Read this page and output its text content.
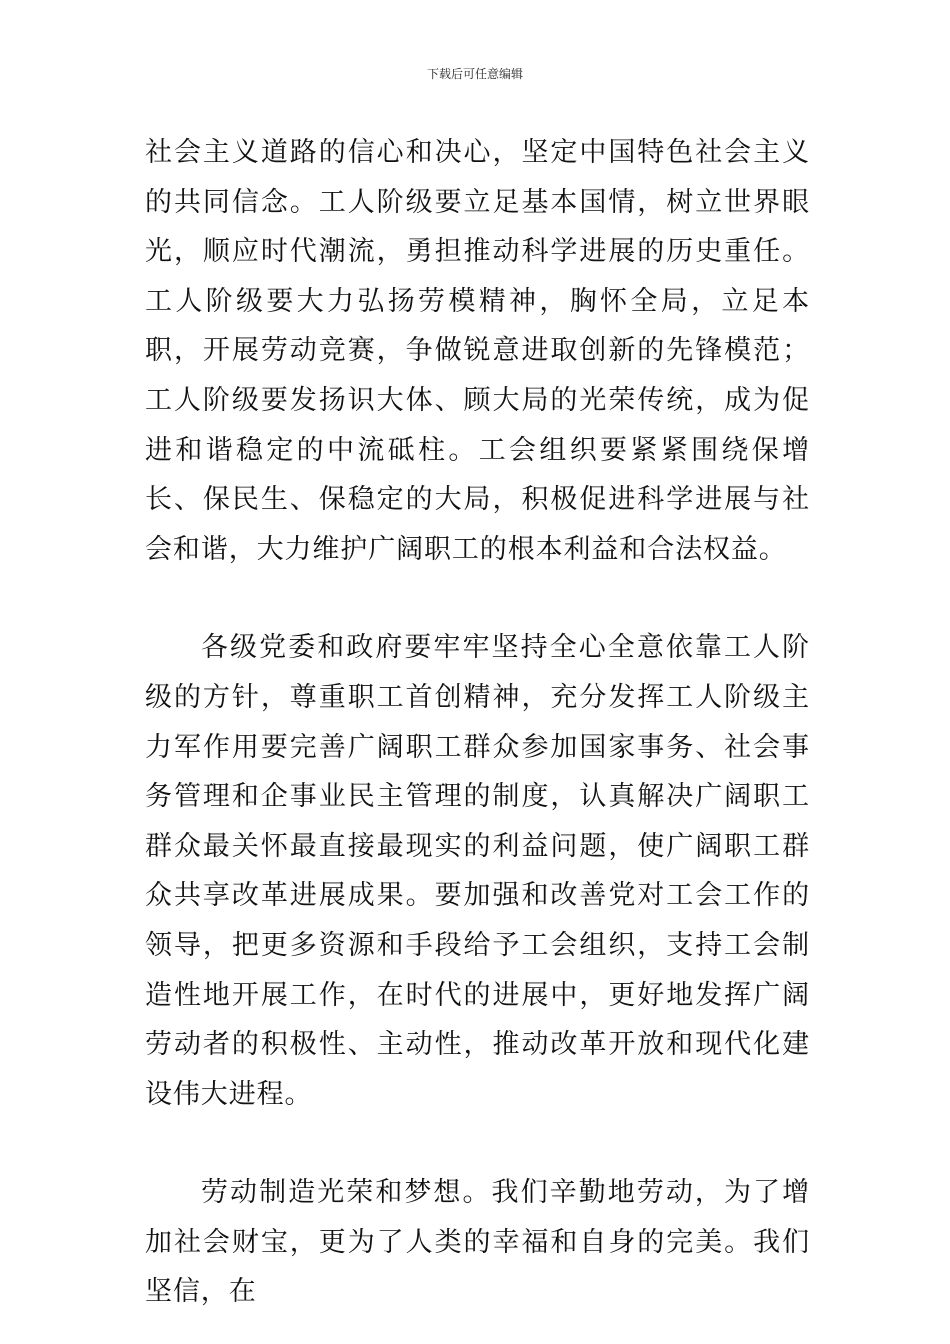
下载后可任意编辑

社会主义道路的信心和决心，坚定中国特色社会主义的共同信念。工人阶级要立足基本国情，树立世界眼光，顺应时代潮流，勇担推动科学进展的历史重任。工人阶级要大力弘扬劳模精神，胸怀全局，立足本职，开展劳动竞赛，争做锐意进取创新的先锋模范；工人阶级要发扬识大体、顾大局的光荣传统，成为促进和谐稳定的中流砥柱。工会组织要紧紧围绕保增长、保民生、保稳定的大局，积极促进科学进展与社会和谐，大力维护广阔职工的根本利益和合法权益。

各级党委和政府要牢牢坚持全心全意依靠工人阶级的方针，尊重职工首创精神，充分发挥工人阶级主力军作用要完善广阔职工群众参加国家事务、社会事务管理和企事业民主管理的制度，认真解决广阔职工群众最关怀最直接最现实的利益问题，使广阔职工群众共享改革进展成果。要加强和改善党对工会工作的领导，把更多资源和手段给予工会组织，支持工会制造性地开展工作，在时代的进展中，更好地发挥广阔劳动者的积极性、主动性，推动改革开放和现代化建设伟大进程。

劳动制造光荣和梦想。我们辛勤地劳动，为了增加社会财宝，更为了人类的幸福和自身的完美。我们坚信，在
